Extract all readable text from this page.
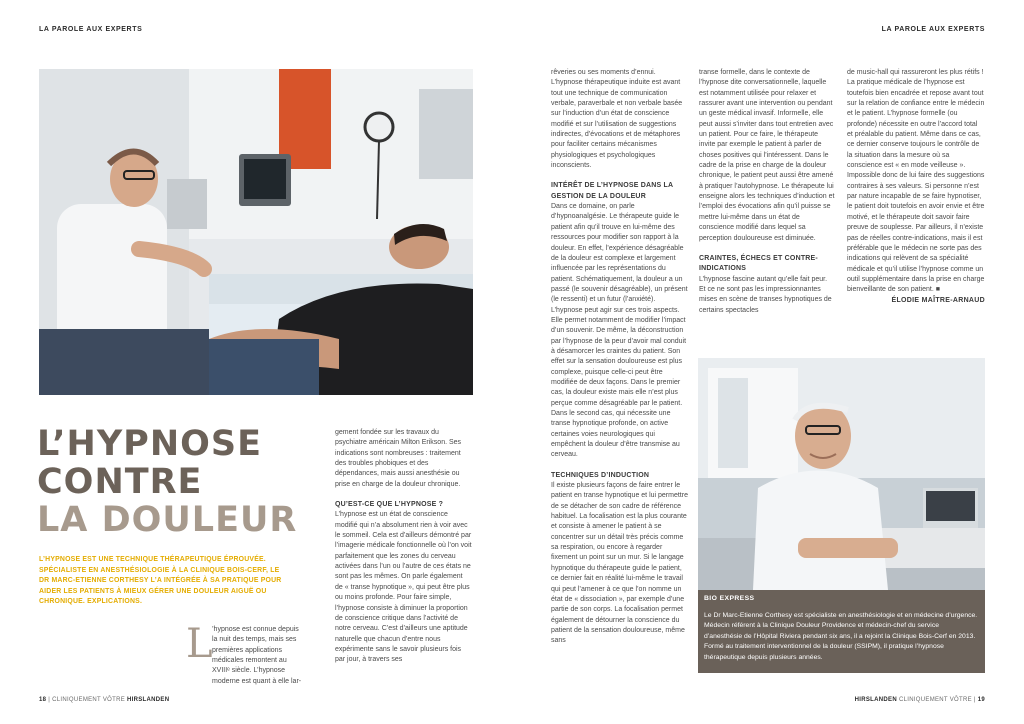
LA PAROLE AUX EXPERTS	LA PAROLE AUX EXPERTS
L’HYPNOSE
CONTRE
LA DOULEUR
L’HYPNOSE EST UNE TECHNIQUE THÉRAPEUTIQUE ÉPROUVÉE. SPÉCIALISTE EN ANESTHÉSIOLOGIE À LA CLINIQUE BOIS-CERF, LE DR MARC-ETIENNE CORTHESY L’A INTÉGRÉE À SA PRATIQUE POUR AIDER LES PATIENTS À MIEUX GÉRER UNE DOULEUR AIGUË OU CHRONIQUE. EXPLICATIONS.
L ’hypnose est connue depuis la nuit des temps, mais ses premières applications médicales remontent au XVIIIᵉ siècle. L’hypnose moderne est quant à elle lar-

gement fondée sur les travaux du psychiatre américain Milton Erikson. Ses indications sont nombreuses : traitement des troubles phobiques et des dépendances, mais aussi anesthésie ou prise en charge de la douleur chronique.

QU’EST-CE QUE L’HYPNOSE ?

L’hypnose est un état de conscience modifié qui n’a absolument rien à voir avec le sommeil. Cela est d’ailleurs démontré par l’imagerie médicale fonctionnelle où l’on voit parfaitement que les zones du cerveau activées dans l’un ou l’autre de ces états ne sont pas les mêmes. On parle également de « transe hypnotique », qui peut être plus ou moins profonde. Pour faire simple, l’hypnose consiste à diminuer la proportion de conscience critique dans l’activité de notre cerveau. C’est d’ailleurs une aptitude naturelle que chacun d’entre nous expérimente sans le savoir plusieurs fois par jour, à travers ses

rêveries ou ses moments d’ennui. L’hypnose thérapeutique induite est avant tout une technique de communication verbale, paraverbale et non verbale basée sur l’induction d’un état de conscience modifié et sur l’utilisation de suggestions indirectes, d’évocations et de métaphores pour faciliter certains mécanismes physiologiques et psychologiques inconscients.

INTÉRÊT DE L’HYPNOSE DANS LA GESTION DE LA DOULEUR

Dans ce domaine, on parle d’hypnoanalgésie. Le thérapeute guide le patient afin qu’il trouve en lui-même des ressources pour modifier son rapport à la douleur. En effet, l’expérience désagréable de la douleur est complexe et largement influencée par les représentations du patient. Schématiquement, la douleur a un passé (le souvenir désagréable), un présent (le ressenti) et un futur (l’anxiété). L’hypnose peut agir sur ces trois aspects. Elle permet notamment de modifier l’impact d’un souvenir. De même, la déconstruction par l’hypnose de la peur d’avoir mal conduit à désamorcer les craintes du patient. Son effet sur la sensation douloureuse est plus complexe, puisque celle-ci peut être modifiée de deux façons. Dans le premier cas, la douleur existe mais elle n’est plus perçue comme désagréable par le patient. Dans le second cas, qui nécessite une transe hypnotique profonde, on active certaines voies neurologiques qui empêchent la douleur d’être transmise au cerveau.

TECHNIQUES D’INDUCTION

Il existe plusieurs façons de faire entrer le patient en transe hypnotique et lui permettre de se détacher de son cadre de référence habituel. La focalisation est la plus courante et consiste à amener le patient à se concentrer sur un détail très précis comme sa respiration, ou encore à regarder fixement un point sur un mur. Si le langage hypnotique du thérapeute guide le patient, ce dernier fait en réalité lui-même le travail qui peut l’amener à ce que l’on nomme un état de « dissociation », par exemple d’une partie de son corps. La focalisation permet également de détourner la conscience du patient de la sensation douloureuse, même sans

transe formelle, dans le contexte de l’hypnose dite conversationnelle, laquelle est notamment utilisée pour relaxer et rassurer avant une intervention ou pendant un geste médical invasif. Informelle, elle peut aussi s’inviter dans tout entretien avec un patient. Pour ce faire, le thérapeute invite par exemple le patient à parler de choses positives qui l’intéressent. Dans le cadre de la prise en charge de la douleur chronique, le patient peut aussi être amené à pratiquer l’autohypnose. Le thérapeute lui enseigne alors les techniques d’induction et l’emploi des évocations afin qu’il puisse se mettre lui-même dans un état de conscience modifié dans lequel sa perception douloureuse est diminuée.

CRAINTES, ÉCHECS ET CONTRE-INDICATIONS

L’hypnose fascine autant qu’elle fait peur. Et ce ne sont pas les impressionnantes mises en scène de transes hypnotiques de certains spectacles

de music-hall qui rassureront les plus rétifs ! La pratique médicale de l’hypnose est toutefois bien encadrée et repose avant tout sur la relation de confiance entre le médecin et le patient. L’hypnose formelle (ou profonde) nécessite en outre l’accord total et préalable du patient. Même dans ce cas, ce dernier conserve toujours le contrôle de la situation dans la mesure où sa conscience est « en mode veilleuse ». Impossible donc de lui faire des suggestions contraires à ses valeurs. Si personne n’est par nature incapable de se faire hypnotiser, le patient doit toutefois en avoir envie et être motivé, et le thérapeute doit savoir faire preuve de souplesse. Par ailleurs, il n’existe pas de réelles contre-indications, mais il est préférable que le médecin ne sorte pas des indications qui relèvent de sa spécialité médicale et qu’il utilise l’hypnose comme un outil supplémentaire dans la prise en charge bienveillante de son patient. ■

ÉLODIE MAÎTRE-ARNAUD

BIO EXPRESS
Le Dr Marc-Etienne Corthesy est spécialiste en anesthésiologie et en médecine d’urgence. Médecin référent à la Clinique Douleur Providence et médecin-chef du service d’anesthésie de l’Hôpital Riviera pendant six ans, il a rejoint la Clinique Bois-Cerf en 2013. Formé au traitement interventionnel de la douleur (SSIPM), il pratique l’hypnose thérapeutique depuis plusieurs années.
18 | CLINIQUEMENT VÔTRE HIRSLANDEN	HIRSLANDEN CLINIQUEMENT VÔTRE | 19
